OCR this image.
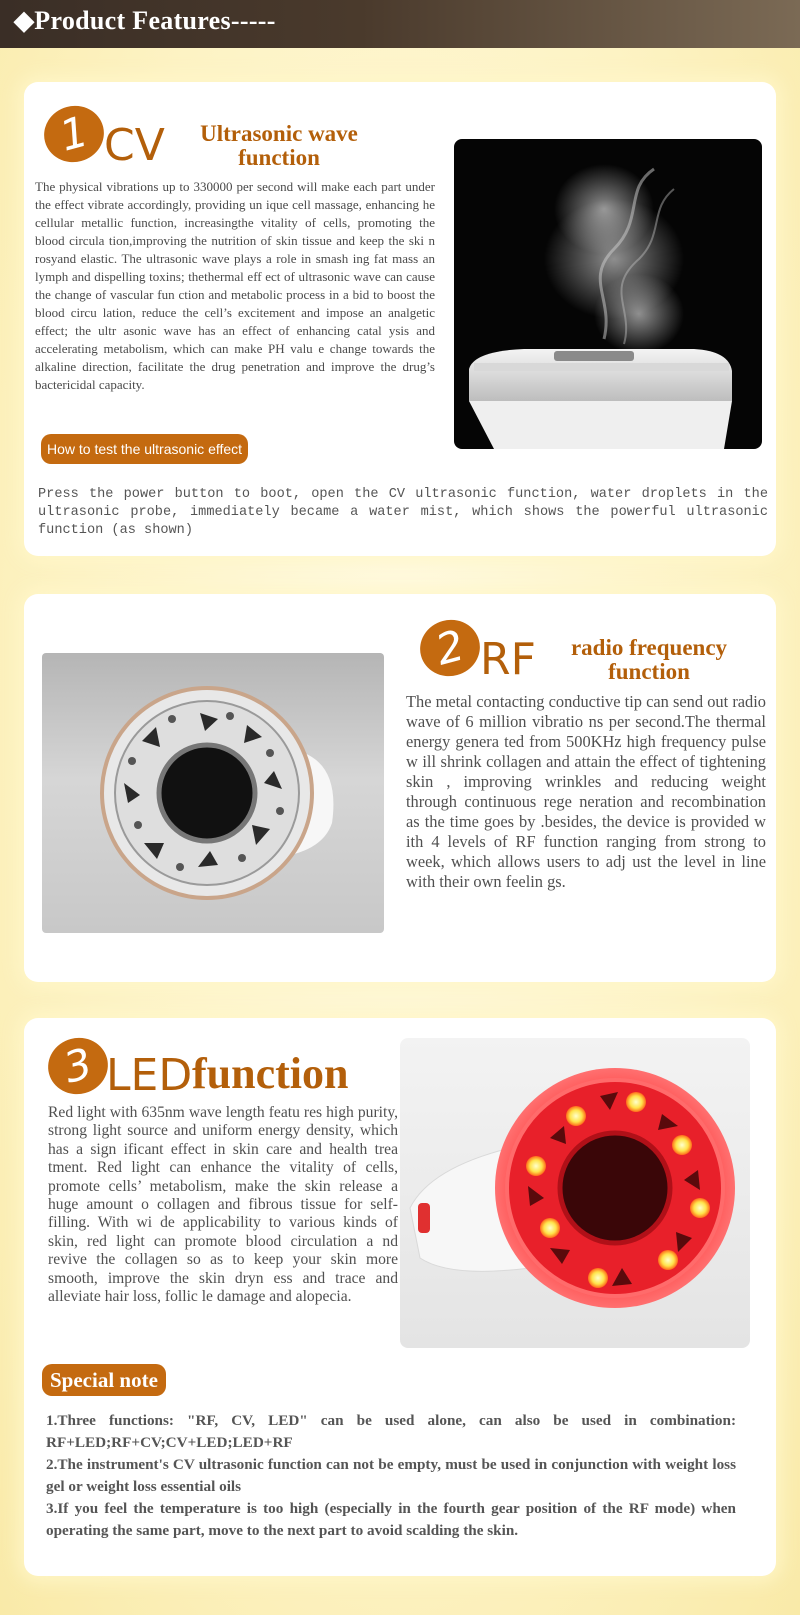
◆Product Features-----
1 CV	Ultrasonic wave function
The physical vibrations up to 330000 per second will make each part under the effect vibrate accordingly, providing un ique cell massage, enhancing he cellular metallic function, increasingthe vitality of cells, promoting the blood circula tion,improving the nutrition of skin tissue and keep the ski n rosyand elastic. The ultrasonic wave plays a role in smash ing fat mass an lymph and dispelling toxins; thethermal eff ect of ultrasonic wave can cause the change of vascular fun ction and metabolic process in a bid to boost the blood circu lation, reduce the cell’s excitement and impose an analgetic effect; the ultr asonic wave has an effect of enhancing catal ysis and accelerating metabolism, which can make PH valu e change towards the alkaline direction, facilitate the drug penetration and improve the drug’s bactericidal capacity.
How to test the ultrasonic effect
Press the power button to boot, open the CV ultrasonic function, water droplets in the ultrasonic probe, immediately became a water mist, which shows the powerful ultrasonic function (as shown)
2 RF	radio frequency function
The metal contacting conductive tip can send out radio wave of 6 million vibratio ns per second.The thermal energy genera ted from 500KHz high frequency pulse w ill shrink collagen and attain the effect of tightening skin , improving wrinkles and reducing weight through continuous rege neration and recombination as the time goes by .besides, the device is provided w ith 4 levels of RF function ranging from strong to week, which allows users to adj ust the level in line with their own feelin gs.
3 LED function
Red light with 635nm wave length featu res high purity, strong light source and uniform energy density, which has a sign ificant effect in skin care and health trea tment. Red light can enhance the vitality of cells, promote cells’ metabolism, make the skin release a huge amount o collagen and fibrous tissue for self-filling. With wi de applicability to various kinds of skin, red light can promote blood circulation a nd revive the collagen so as to keep your skin more smooth, improve the skin dryn ess and trace and alleviate hair loss, follic le damage and alopecia.
Special note
1.Three functions: "RF, CV, LED" can be used alone, can also be used in combination: RF+LED;RF+CV;CV+LED;LED+RF
2.The instrument's CV ultrasonic function can not be empty, must be used in conjunction with weight loss gel or weight loss essential oils
3.If you feel the temperature is too high (especially in the fourth gear position of the RF mode) when operating the same part, move to the next part to avoid scalding the skin.
